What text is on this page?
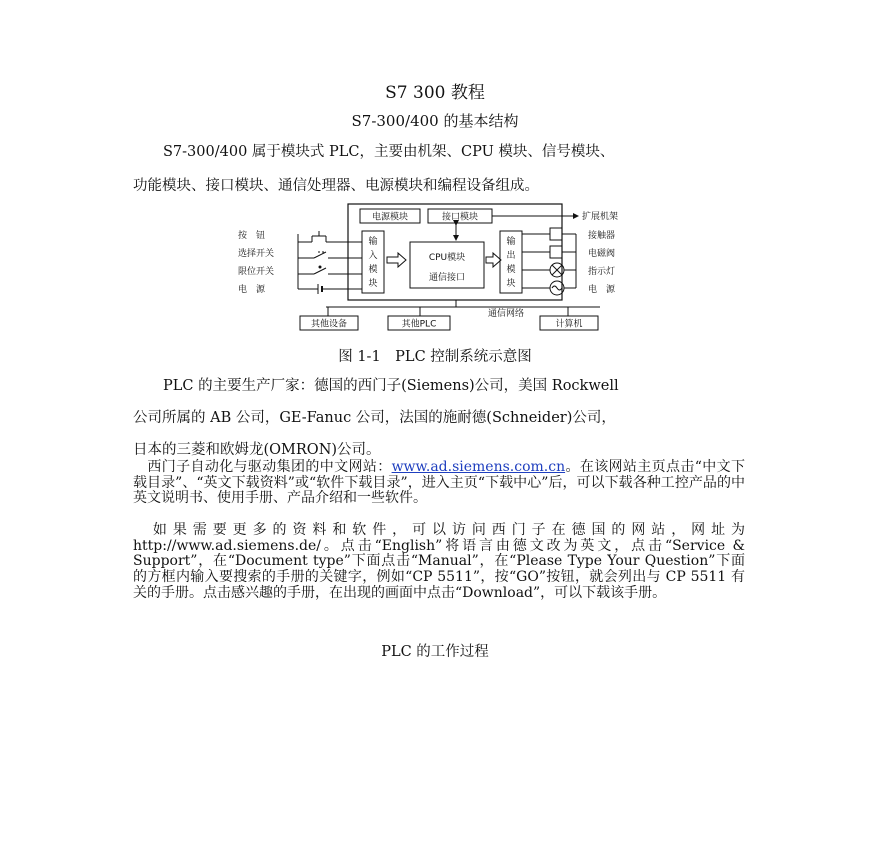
S7 300 教程
S7-300/400 的基本结构
S7-300/400 属于模块式 PLC，主要由机架、CPU 模块、信号模块、
功能模块、接口模块、通信处理器、电源模块和编程设备组成。
电源模块	接口模块	扩展机架
输
入
模
块
CPU模块
通信接口
输
出
模
块
按　钮
选择开关
限位开关
电　源
接触器
电磁阀
指示灯
电　源
通信网络
其他设备	其他PLC	计算机
图 1-1　PLC 控制系统示意图
PLC 的主要生产厂家：德国的西门子(Siemens)公司，美国 Rockwell
公司所属的 AB 公司，GE-Fanuc 公司，法国的施耐德(Schneider)公司，
日本的三菱和欧姆龙(OMRON)公司。

　西门子自动化与驱动集团的中文网站：www.ad.siemens.com.cn。在该网站主页点击“中文下载目录”、“英文下载资料”或“软件下载目录”，进入主页“下载中心”后，可以下载各种工控产品的中英文说明书、使用手册、产品介绍和一些软件。

　如果需要更多的资料和软件，可以访问西门子在德国的网站，网址为 http://www.ad.siemens.de/。点击“English”将语言由德文改为英文，点击“Service & Support”，在“Document type”下面点击“Manual”，在“Please Type Your Question”下面的方框内输入要搜索的手册的关键字，例如“CP 5511”，按“GO”按钮，就会列出与 CP 5511 有关的手册。点击感兴趣的手册，在出现的画面中点击“Download”，可以下载该手册。

PLC 的工作过程
